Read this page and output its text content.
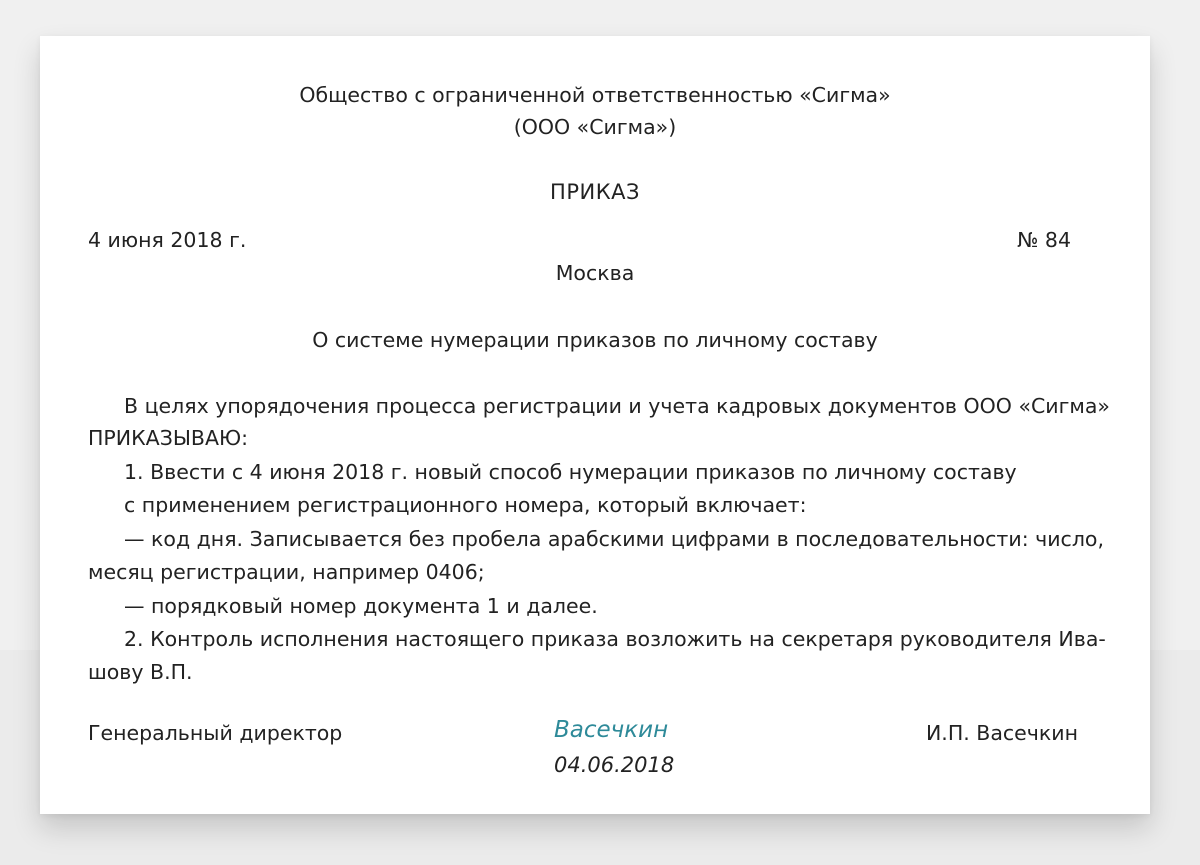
Общество с ограниченной ответственностью «Сигма»
(ООО «Сигма»)
ПРИКАЗ
4 июня 2018 г.	№ 84
Москва
О системе нумерации приказов по личному составу
В целях упорядочения процесса регистрации и учета кадровых документов ООО «Сигма»
ПРИКАЗЫВАЮ:
1. Ввести с 4 июня 2018 г. новый способ нумерации приказов по личному составу
с применением регистрационного номера, который включает:
— код дня. Записывается без пробела арабскими цифрами в последовательности: число,
месяц регистрации, например 0406;
— порядковый номер документа 1 и далее.
2. Контроль исполнения настоящего приказа возложить на секретаря руководителя Ива-
шову В.П.
Генеральный директор	Васечкин
04.06.2018
И.П. Васечкин
